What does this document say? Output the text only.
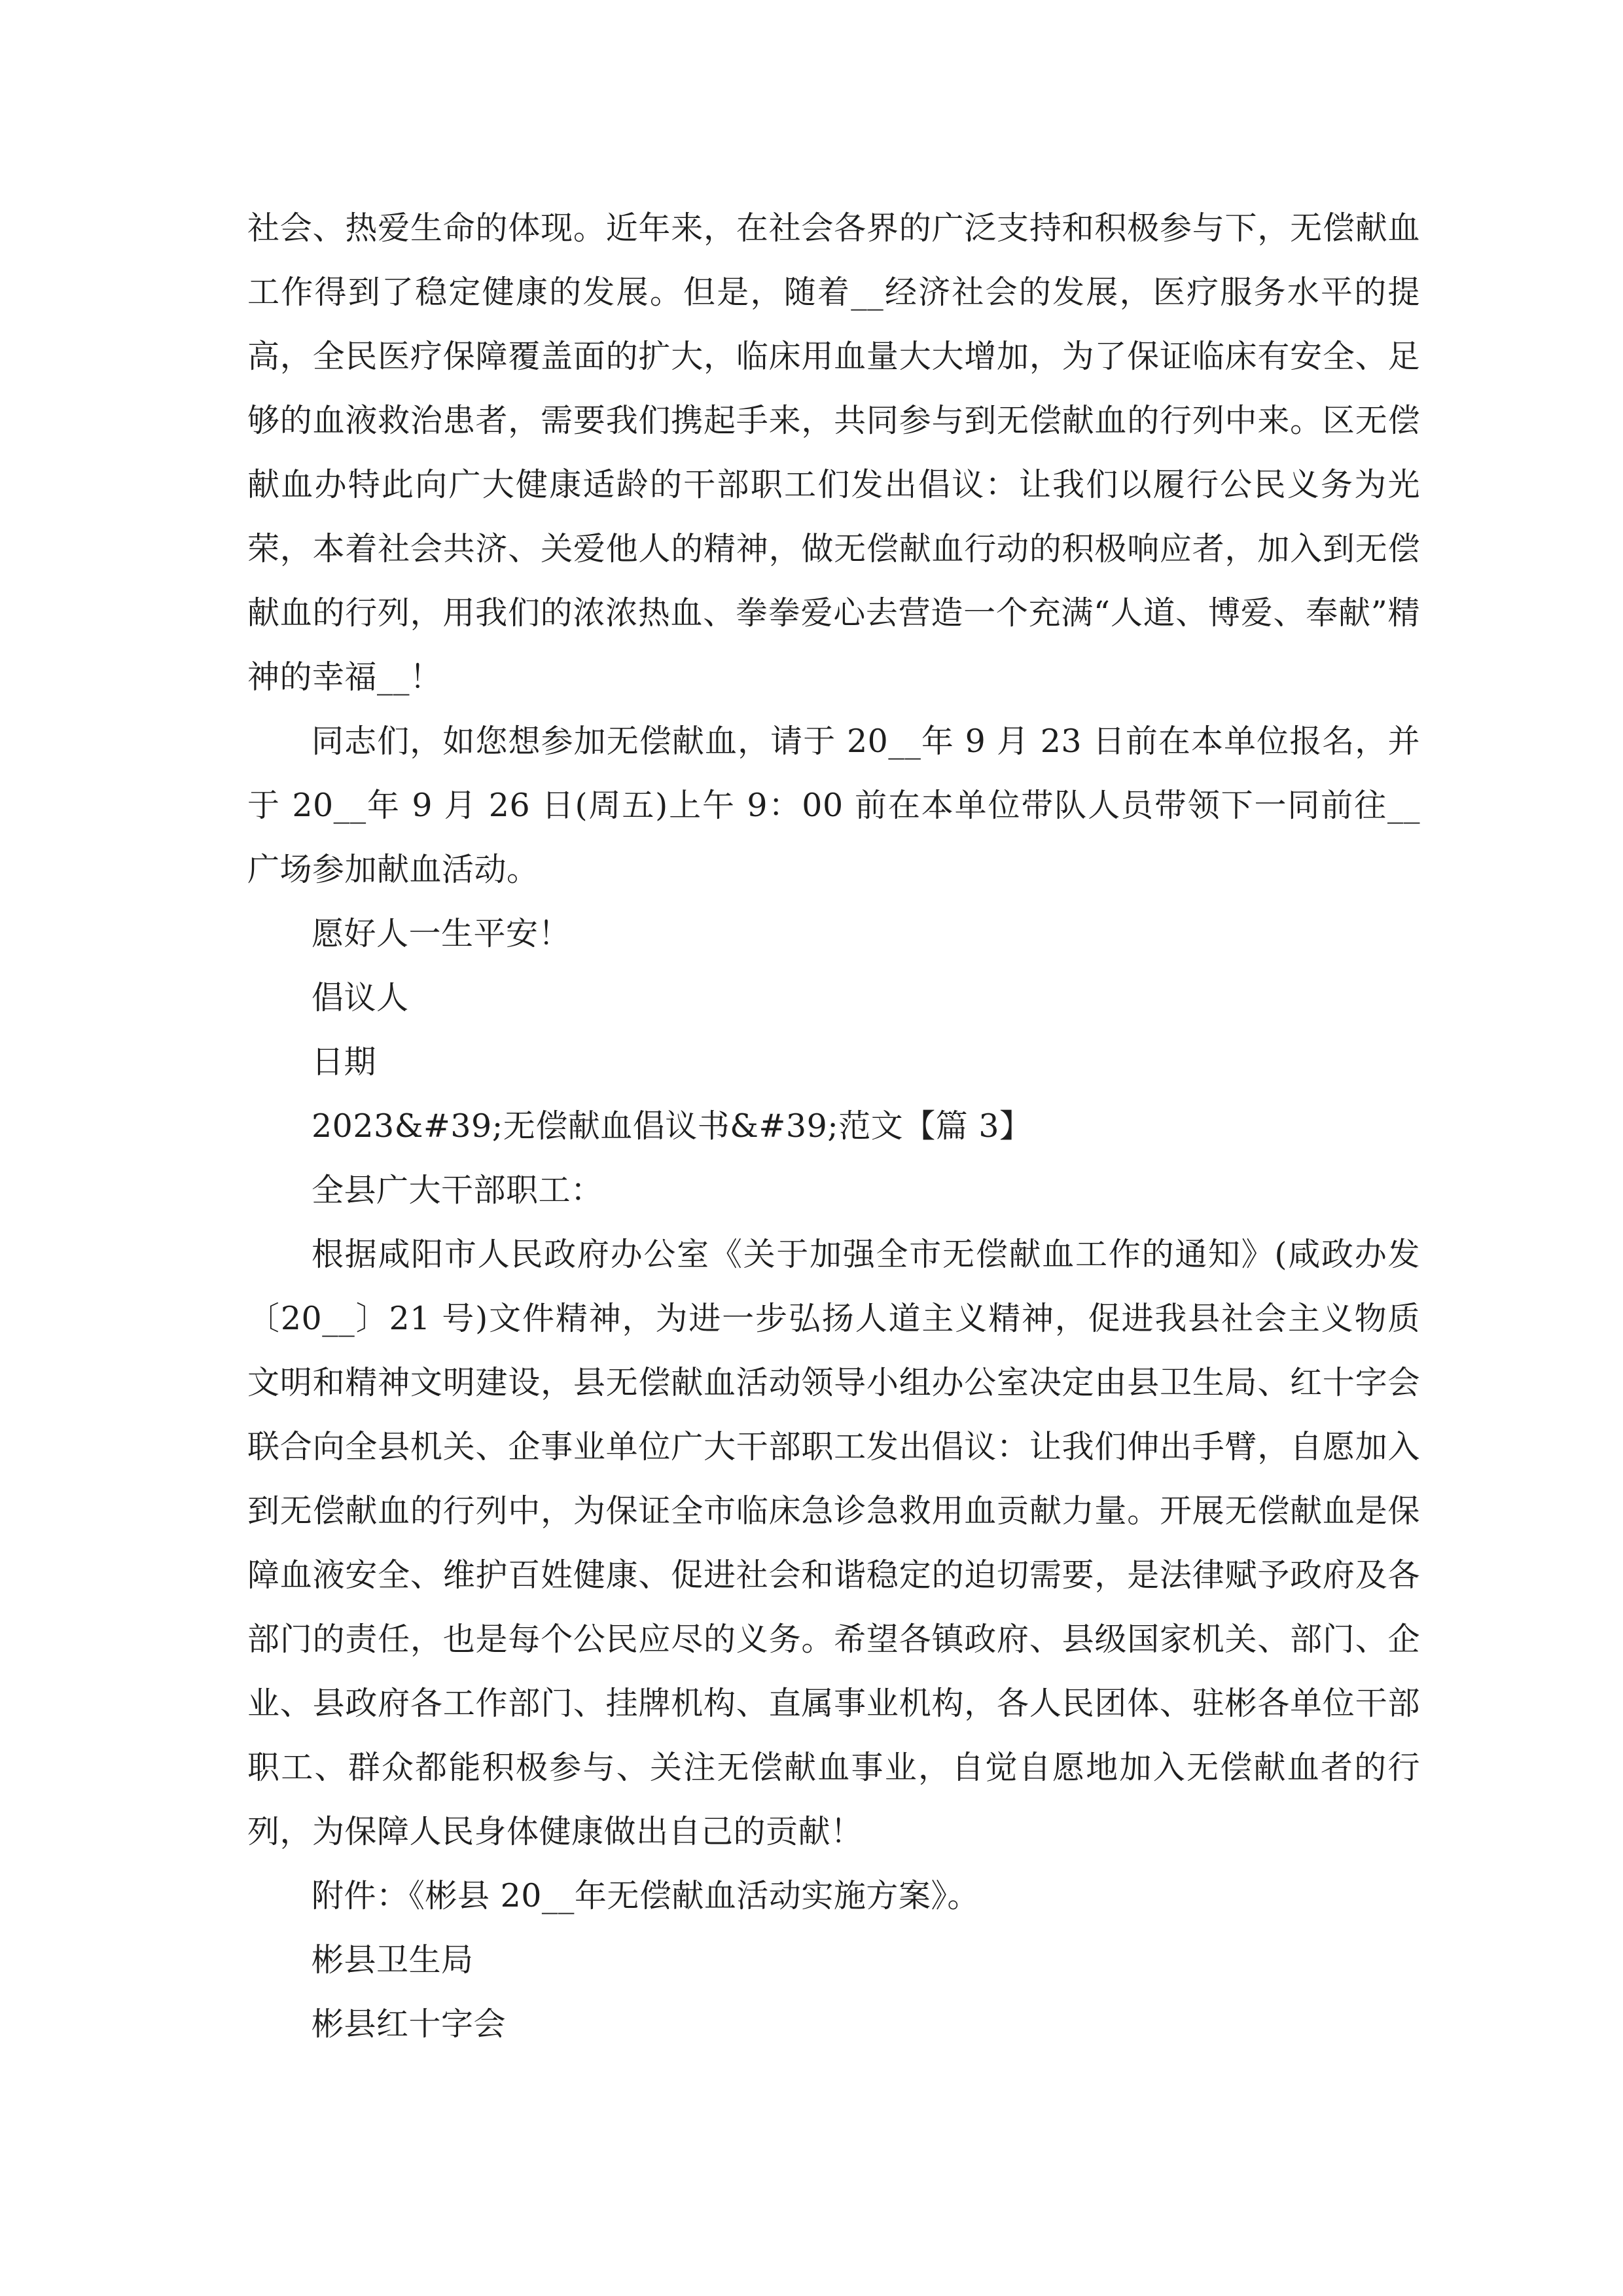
社会、热爱生命的体现。近年来，在社会各界的广泛支持和积极参与下，无偿献血工作得到了稳定健康的发展。但是，随着__经济社会的发展，医疗服务水平的提高，全民医疗保障覆盖面的扩大，临床用血量大大增加，为了保证临床有安全、足够的血液救治患者，需要我们携起手来，共同参与到无偿献血的行列中来。区无偿献血办特此向广大健康适龄的干部职工们发出倡议：让我们以履行公民义务为光荣，本着社会共济、关爱他人的精神，做无偿献血行动的积极响应者，加入到无偿献血的行列，用我们的浓浓热血、拳拳爱心去营造一个充满“人道、博爱、奉献”精神的幸福__！

同志们，如您想参加无偿献血，请于 20__年 9 月 23 日前在本单位报名，并于 20__年 9 月 26 日(周五)上午 9：00 前在本单位带队人员带领下一同前往__广场参加献血活动。

愿好人一生平安！

倡议人

日期

2023&#39;无偿献血倡议书&#39;范文【篇 3】

全县广大干部职工：

根据咸阳市人民政府办公室《关于加强全市无偿献血工作的通知》(咸政办发〔20__〕21 号)文件精神，为进一步弘扬人道主义精神，促进我县社会主义物质文明和精神文明建设，县无偿献血活动领导小组办公室决定由县卫生局、红十字会联合向全县机关、企事业单位广大干部职工发出倡议：让我们伸出手臂，自愿加入到无偿献血的行列中，为保证全市临床急诊急救用血贡献力量。开展无偿献血是保障血液安全、维护百姓健康、促进社会和谐稳定的迫切需要，是法律赋予政府及各部门的责任，也是每个公民应尽的义务。希望各镇政府、县级国家机关、部门、企业、县政府各工作部门、挂牌机构、直属事业机构，各人民团体、驻彬各单位干部职工、群众都能积极参与、关注无偿献血事业，自觉自愿地加入无偿献血者的行列，为保障人民身体健康做出自己的贡献！

附件：《彬县 20__年无偿献血活动实施方案》。

彬县卫生局

彬县红十字会
